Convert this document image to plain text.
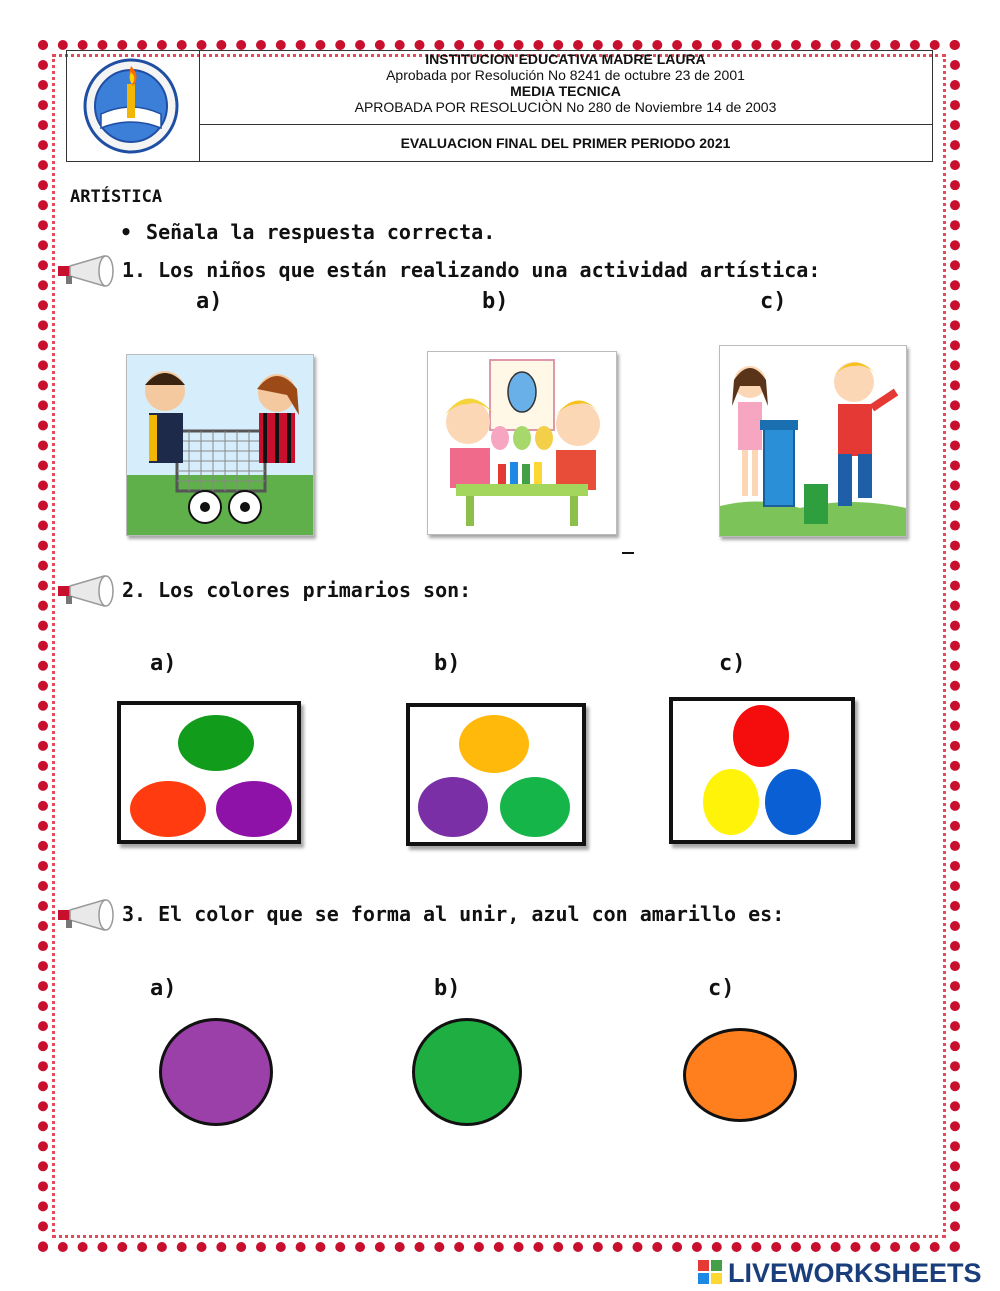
INSTITUCION EDUCATIVA MADRE LAURA
Aprobada por Resolución No 8241 de octubre 23 de 2001
MEDIA TECNICA
APROBADA POR RESOLUCIÒN No 280 de Noviembre 14 de 2003
EVALUACION FINAL DEL PRIMER PERIODO 2021
ARTÍSTICA
• Señala la respuesta correcta.
1. Los niños que están realizando una actividad artística:
a)	b)	c)
2. Los colores primarios son:
a)	b)	c)
3. El color que se forma al unir, azul con amarillo es:
a)	b)	c)
LIVEWORKSHEETS
